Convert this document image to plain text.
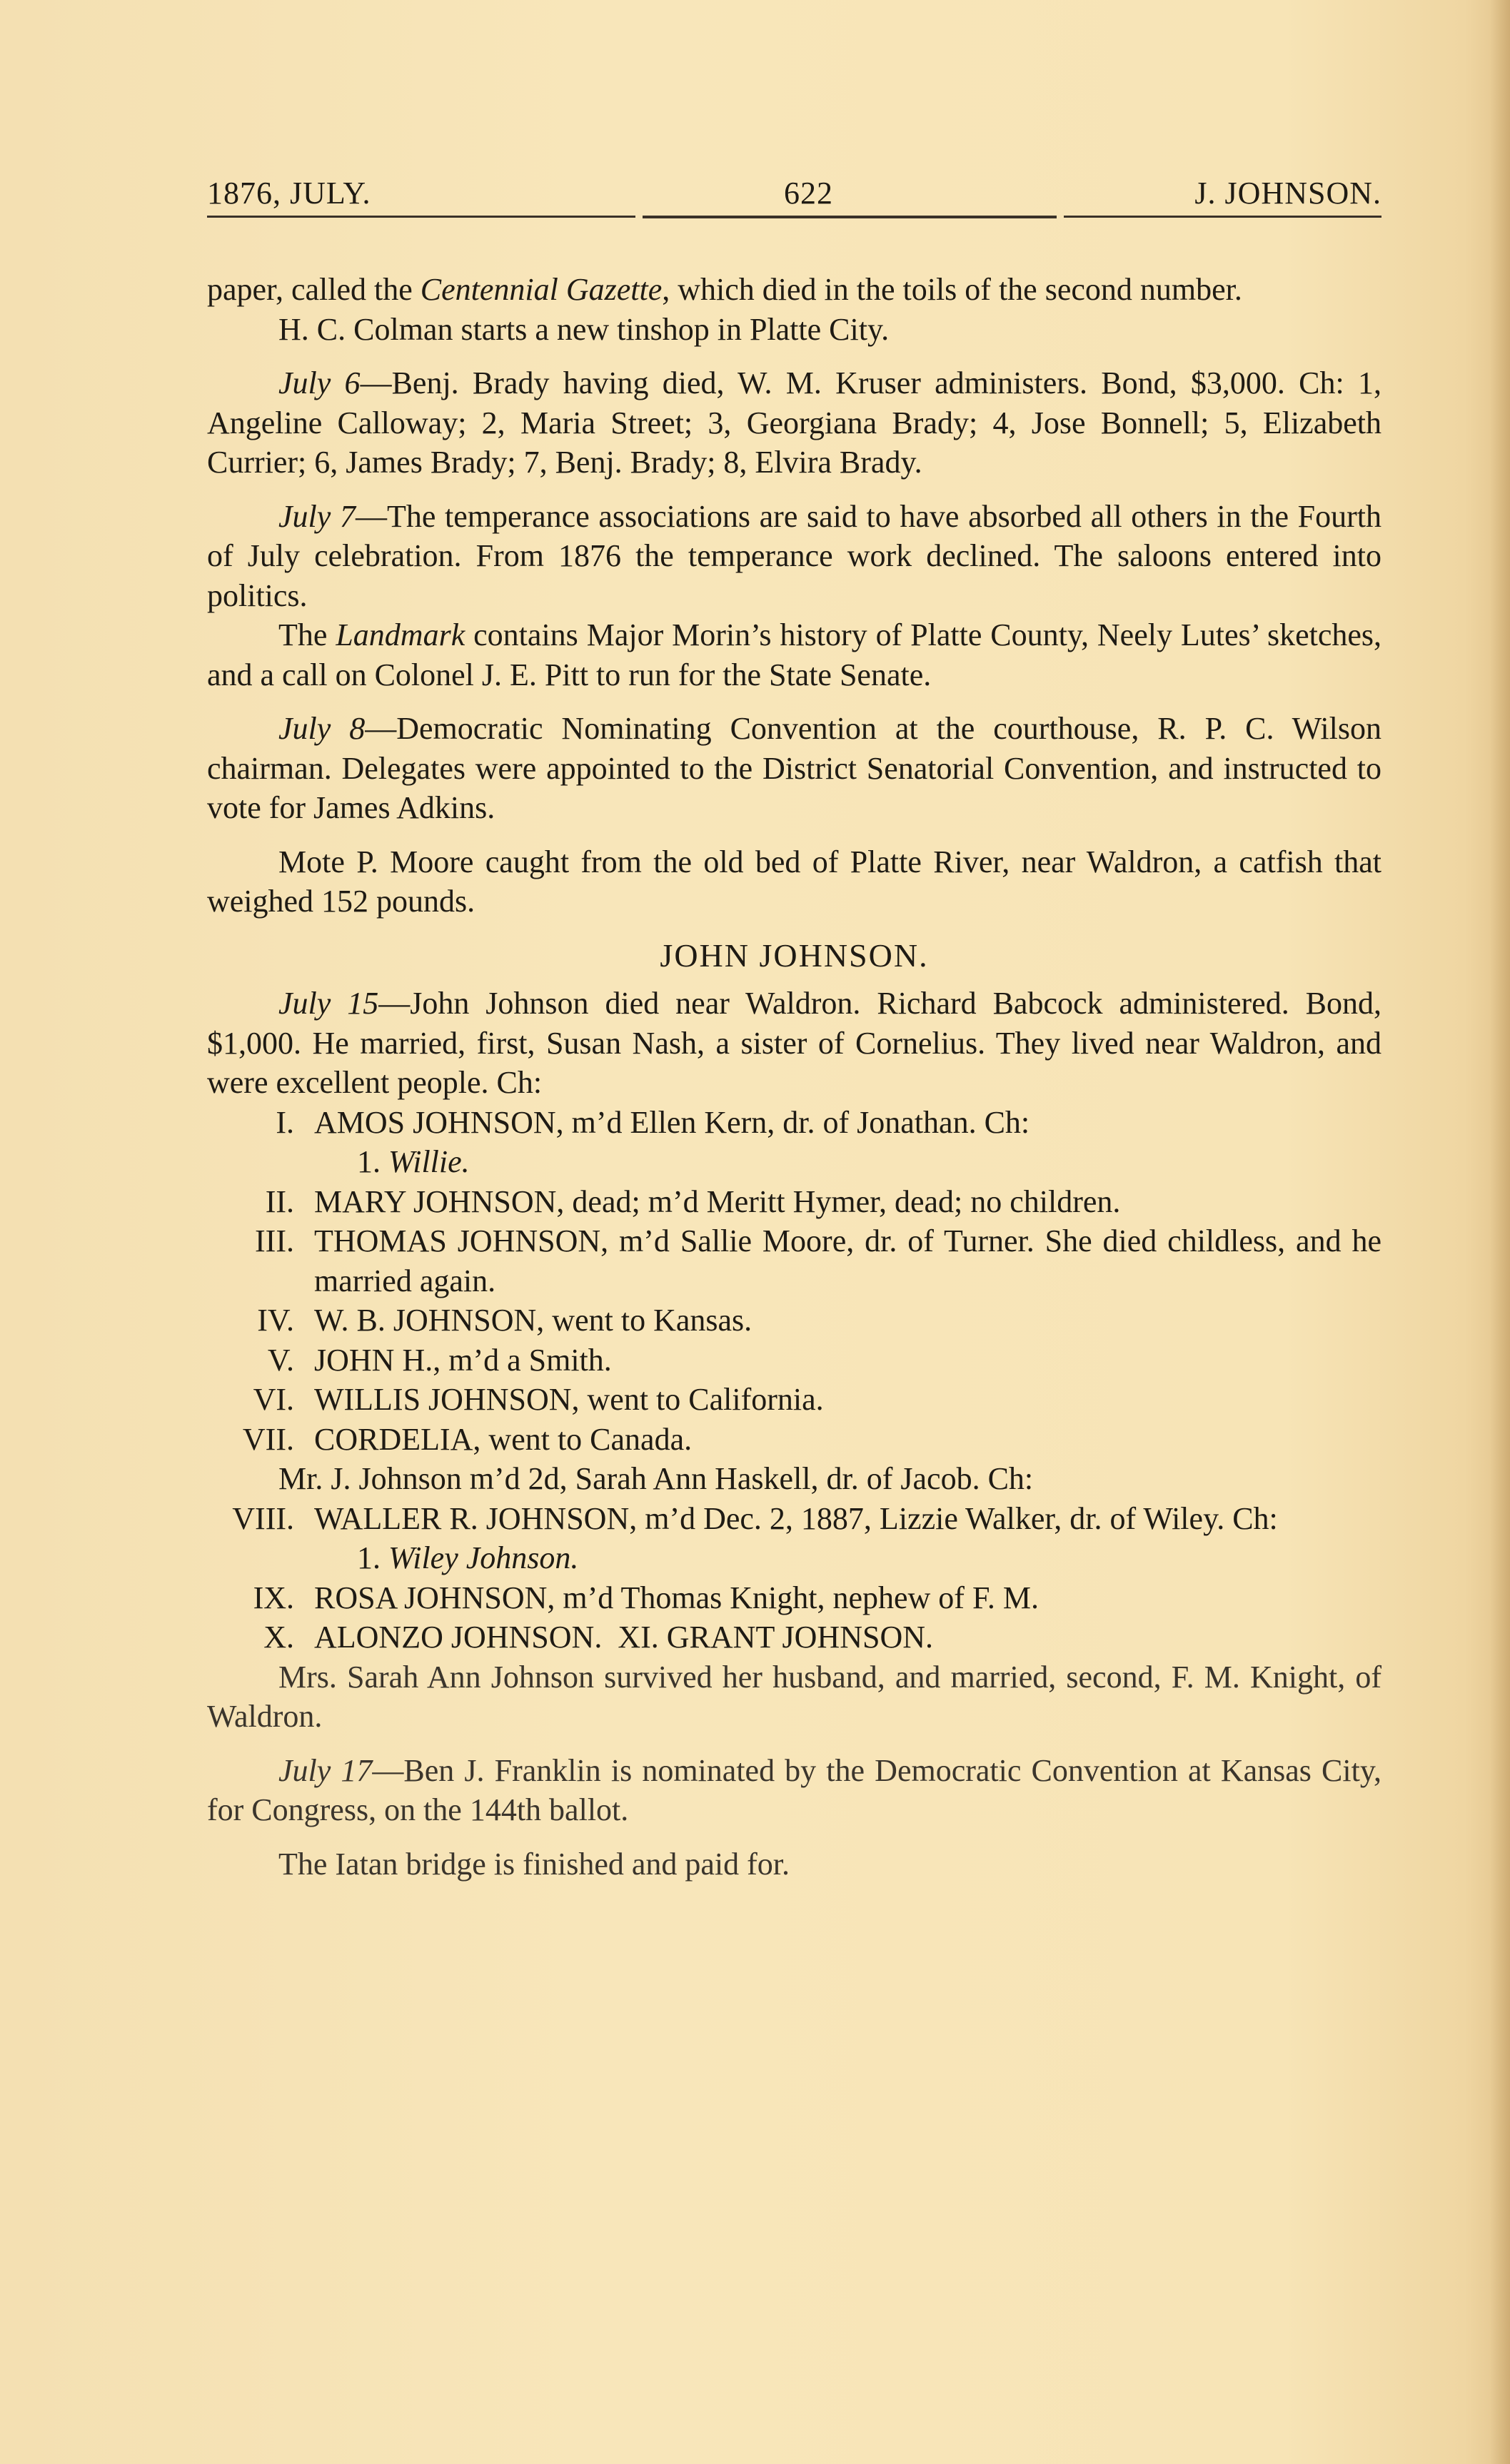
1876, JULY.	622	J. JOHNSON.

paper, called the Centennial Gazette, which died in the toils of the second number.

H. C. Colman starts a new tinshop in Platte City.

July 6—Benj. Brady having died, W. M. Kruser administers. Bond, $3,000. Ch: 1, Angeline Calloway; 2, Maria Street; 3, Georgiana Brady; 4, Jose Bonnell; 5, Elizabeth Currier; 6, James Brady; 7, Benj. Brady; 8, Elvira Brady.

July 7—The temperance associations are said to have absorbed all others in the Fourth of July celebration. From 1876 the temperance work declined. The saloons entered into politics.

The Landmark contains Major Morin’s history of Platte County, Neely Lutes’ sketches, and a call on Colonel J. E. Pitt to run for the State Senate.

July 8—Democratic Nominating Convention at the courthouse, R. P. C. Wilson chairman. Delegates were appointed to the District Senatorial Convention, and instructed to vote for James Adkins.

Mote P. Moore caught from the old bed of Platte River, near Waldron, a catfish that weighed 152 pounds.

JOHN JOHNSON.

July 15—John Johnson died near Waldron. Richard Babcock administered. Bond, $1,000. He married, first, Susan Nash, a sister of Cornelius. They lived near Waldron, and were excellent people. Ch:

I. AMOS JOHNSON, m’d Ellen Kern, dr. of Jonathan. Ch:

1. Willie.

II. MARY JOHNSON, dead; m’d Meritt Hymer, dead; no children.

III. THOMAS JOHNSON, m’d Sallie Moore, dr. of Turner. She died childless, and he married again.

IV. W. B. JOHNSON, went to Kansas.

V. JOHN H., m’d a Smith.

VI. WILLIS JOHNSON, went to California.

VII. CORDELIA, went to Canada.

Mr. J. Johnson m’d 2d, Sarah Ann Haskell, dr. of Jacob. Ch:

VIII. WALLER R. JOHNSON, m’d Dec. 2, 1887, Lizzie Walker, dr. of Wiley. Ch:

1. Wiley Johnson.

IX. ROSA JOHNSON, m’d Thomas Knight, nephew of F. M.

X. ALONZO JOHNSON. XI. GRANT JOHNSON.

Mrs. Sarah Ann Johnson survived her husband, and married, second, F. M. Knight, of Waldron.

July 17—Ben J. Franklin is nominated by the Democratic Convention at Kansas City, for Congress, on the 144th ballot.

The Iatan bridge is finished and paid for.
